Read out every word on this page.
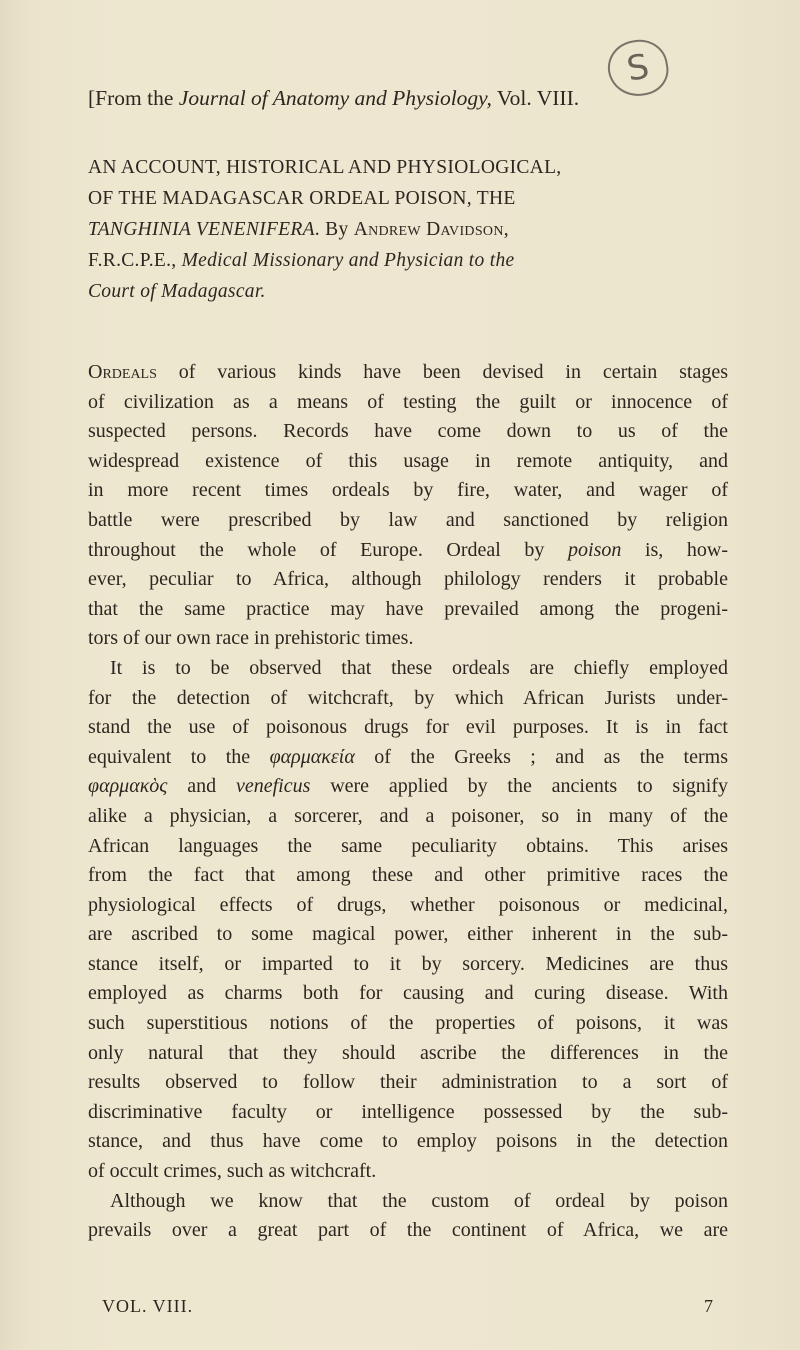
S
[From the Journal of Anatomy and Physiology, Vol. VIII.
AN ACCOUNT, HISTORICAL AND PHYSIOLOGICAL,
OF THE MADAGASCAR ORDEAL POISON, THE
TANGHINIA VENENIFERA. By Andrew Davidson,
F.R.C.P.E., Medical Missionary and Physician to the
Court of Madagascar.
Ordeals of various kinds have been devised in certain stages
of civilization as a means of testing the guilt or innocence of
suspected persons. Records have come down to us of the
widespread existence of this usage in remote antiquity, and
in more recent times ordeals by fire, water, and wager of
battle were prescribed by law and sanctioned by religion
throughout the whole of Europe. Ordeal by poison is, how-
ever, peculiar to Africa, although philology renders it probable
that the same practice may have prevailed among the progeni-
tors of our own race in prehistoric times.
It is to be observed that these ordeals are chiefly employed
for the detection of witchcraft, by which African Jurists under-
stand the use of poisonous drugs for evil purposes. It is in fact
equivalent to the φαρμακεία of the Greeks ; and as the terms
φαρμακὸς and veneficus were applied by the ancients to signify
alike a physician, a sorcerer, and a poisoner, so in many of the
African languages the same peculiarity obtains. This arises
from the fact that among these and other primitive races the
physiological effects of drugs, whether poisonous or medicinal,
are ascribed to some magical power, either inherent in the sub-
stance itself, or imparted to it by sorcery. Medicines are thus
employed as charms both for causing and curing disease. With
such superstitious notions of the properties of poisons, it was
only natural that they should ascribe the differences in the
results observed to follow their administration to a sort of
discriminative faculty or intelligence possessed by the sub-
stance, and thus have come to employ poisons in the detection
of occult crimes, such as witchcraft.
Although we know that the custom of ordeal by poison
prevails over a great part of the continent of Africa, we are
VOL. VIII.	7
